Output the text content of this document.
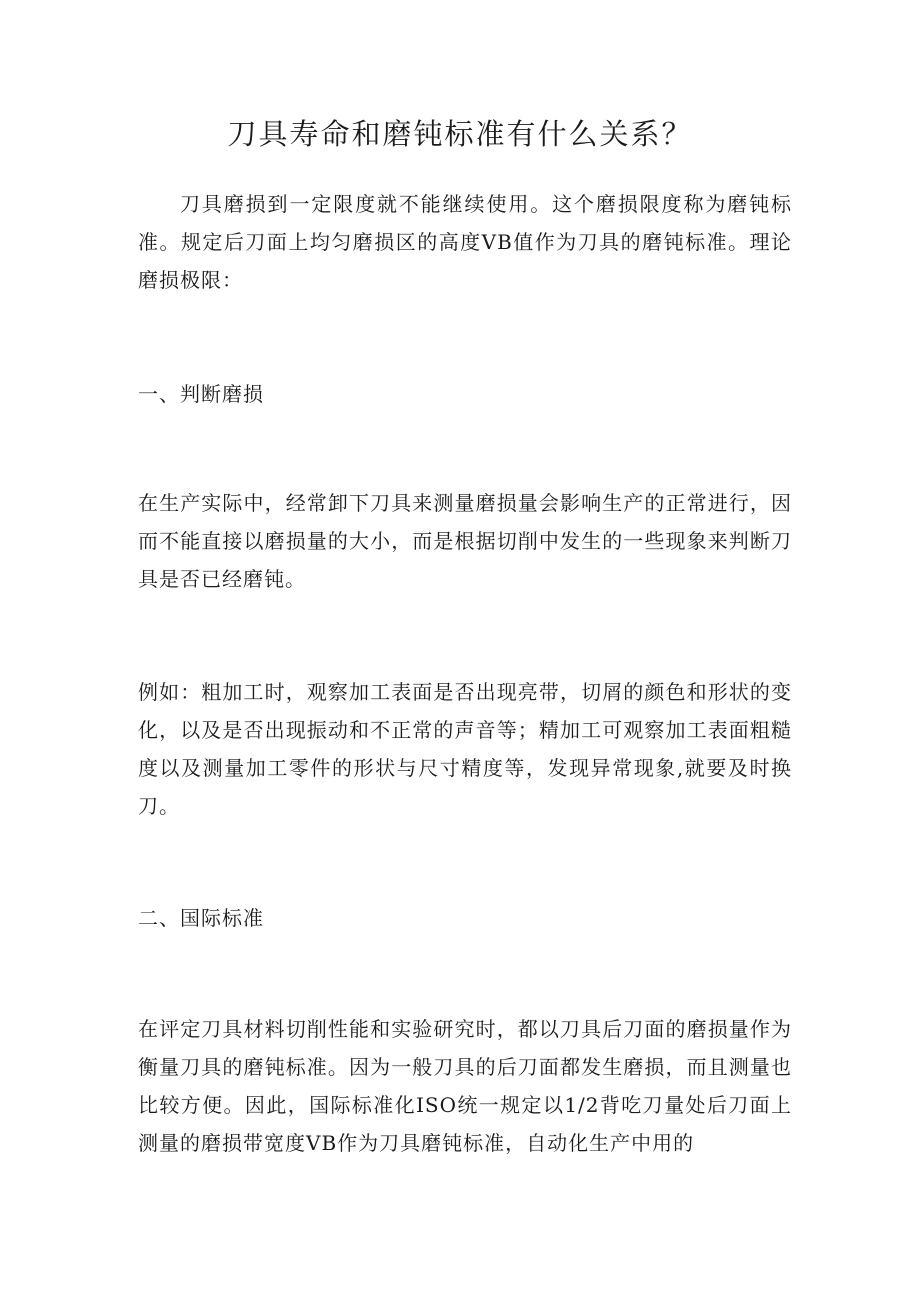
刀具寿命和磨钝标准有什么关系？

刀具磨损到一定限度就不能继续使用。这个磨损限度称为磨钝标准。规定后刀面上均匀磨损区的高度VB值作为刀具的磨钝标准。理论磨损极限：

一、判断磨损

在生产实际中，经常卸下刀具来测量磨损量会影响生产的正常进行，因而不能直接以磨损量的大小，而是根据切削中发生的一些现象来判断刀具是否已经磨钝。

例如：粗加工时，观察加工表面是否出现亮带，切屑的颜色和形状的变化，以及是否出现振动和不正常的声音等；精加工可观察加工表面粗糙度以及测量加工零件的形状与尺寸精度等，发现异常现象,就要及时换刀。

二、国际标准

在评定刀具材料切削性能和实验研究时，都以刀具后刀面的磨损量作为衡量刀具的磨钝标准。因为一般刀具的后刀面都发生磨损，而且测量也比较方便。因此，国际标准化ISO统一规定以1/2背吃刀量处后刀面上测量的磨损带宽度VB作为刀具磨钝标准，自动化生产中用的
